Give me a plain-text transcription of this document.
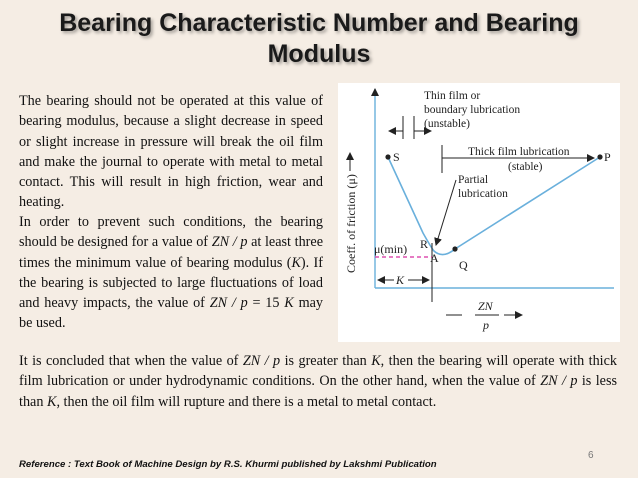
Bearing Characteristic Number and Bearing
Modulus

The bearing should not be operated at this value of bearing modulus, because a slight decrease in speed or slight increase in pressure will break the oil film and make the journal to operate with metal to metal contact. This will result in high friction, wear and heating.

In order to prevent such conditions, the bearing should be designed for a value of ZN / p at least three times the minimum value of bearing modulus (K). If the bearing is subjected to large fluctuations of load and heavy impacts, the value of ZN / p = 15 K may be used.

Coeff. of friction (μ) μ(min)
K
S	P
R
A Q
Thin film or boundary lubrication (unstable)
Thick film lubrication
(stable)
Partial lubrication
ZN
p

It is concluded that when the value of ZN / p is greater than K, then the bearing will operate with thick film lubrication or under hydrodynamic conditions. On the other hand, when the value of ZN / p is less than K, then the oil film will rupture and there is a metal to metal contact.

6
Reference : Text Book of Machine Design by R.S. Khurmi published by Lakshmi Publication
